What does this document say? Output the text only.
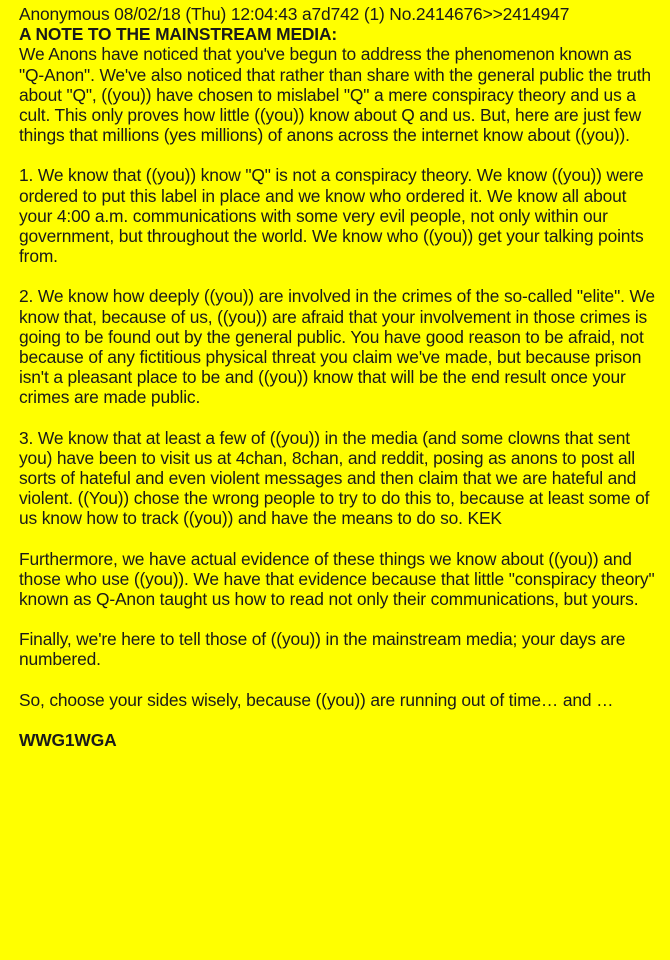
Anonymous 08/02/18 (Thu) 12:04:43 a7d742 (1) No.2414676>>2414947

A NOTE TO THE MAINSTREAM MEDIA:

We Anons have noticed that you've begun to address the phenomenon known as "Q-Anon". We've also noticed that rather than share with the general public the truth about "Q", ((you)) have chosen to mislabel "Q" a mere conspiracy theory and us a cult. This only proves how little ((you)) know about Q and us. But, here are just few things that millions (yes millions) of anons across the internet know about ((you)).

1. We know that ((you)) know "Q" is not a conspiracy theory. We know ((you)) were ordered to put this label in place and we know who ordered it. We know all about your 4:00 a.m. communications with some very evil people, not only within our government, but throughout the world. We know who ((you)) get your talking points from.

2. We know how deeply ((you)) are involved in the crimes of the so-called "elite". We know that, because of us, ((you)) are afraid that your involvement in those crimes is going to be found out by the general public. You have good reason to be afraid, not because of any fictitious physical threat you claim we've made, but because prison isn't a pleasant place to be and ((you)) know that will be the end result once your crimes are made public.

3. We know that at least a few of ((you)) in the media (and some clowns that sent you) have been to visit us at 4chan, 8chan, and reddit, posing as anons to post all sorts of hateful and even violent messages and then claim that we are hateful and violent. ((You)) chose the wrong people to try to do this to, because at least some of us know how to track ((you)) and have the means to do so. KEK

Furthermore, we have actual evidence of these things we know about ((you)) and those who use ((you)). We have that evidence because that little "conspiracy theory" known as Q-Anon taught us how to read not only their communications, but yours.

Finally, we're here to tell those of ((you)) in the mainstream media; your days are numbered.

So, choose your sides wisely, because ((you)) are running out of time… and …

WWG1WGA
